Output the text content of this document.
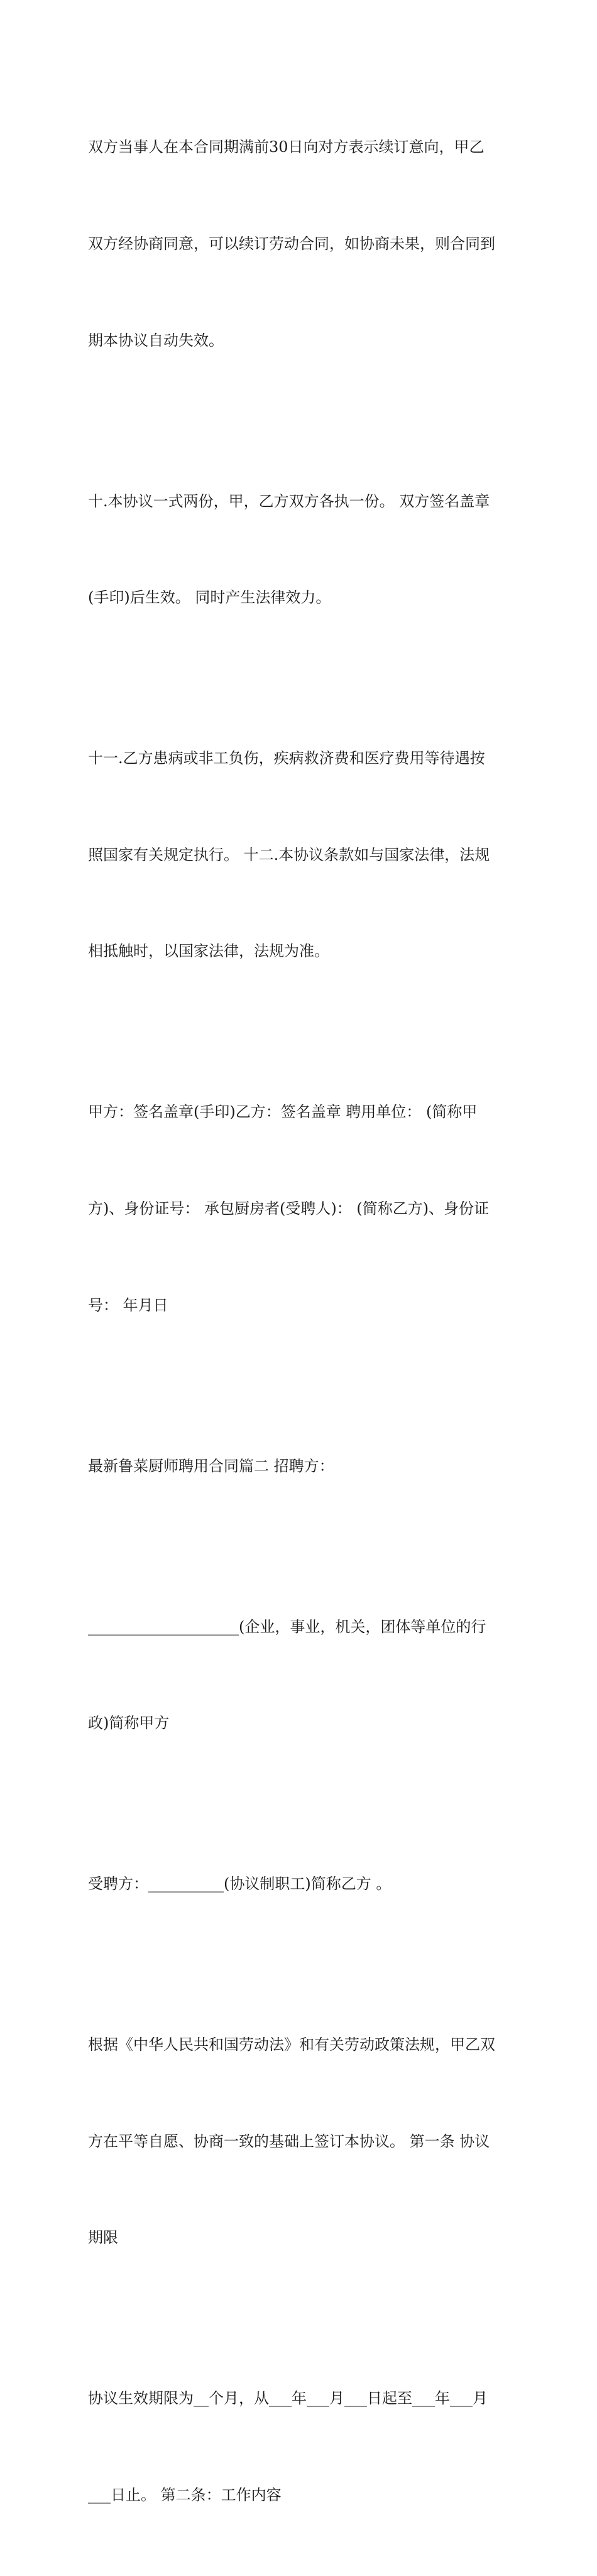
双方当事人在本合同期满前30日向对方表示续订意向，甲乙

双方经协商同意，可以续订劳动合同，如协商未果，则合同到

期本协议自动失效。

十.本协议一式两份，甲，乙方双方各执一份。 双方签名盖章

(手印)后生效。 同时产生法律效力。

十一.乙方患病或非工负伤，疾病救济费和医疗费用等待遇按

照国家有关规定执行。 十二.本协议条款如与国家法律，法规

相抵触时，以国家法律，法规为准。

甲方：签名盖章(手印)乙方：签名盖章 聘用单位： (简称甲

方)、身份证号： 承包厨房者(受聘人)： (简称乙方)、身份证

号： 年月日

最新鲁菜厨师聘用合同篇二 招聘方：

____________________(企业，事业，机关，团体等单位的行

政)简称甲方

受聘方：__________(协议制职工)简称乙方 。

根据《中华人民共和国劳动法》和有关劳动政策法规，甲乙双

方在平等自愿、协商一致的基础上签订本协议。 第一条 协议

期限

协议生效期限为__个月，从___年___月___日起至___年___月

___日止。 第二条：工作内容
